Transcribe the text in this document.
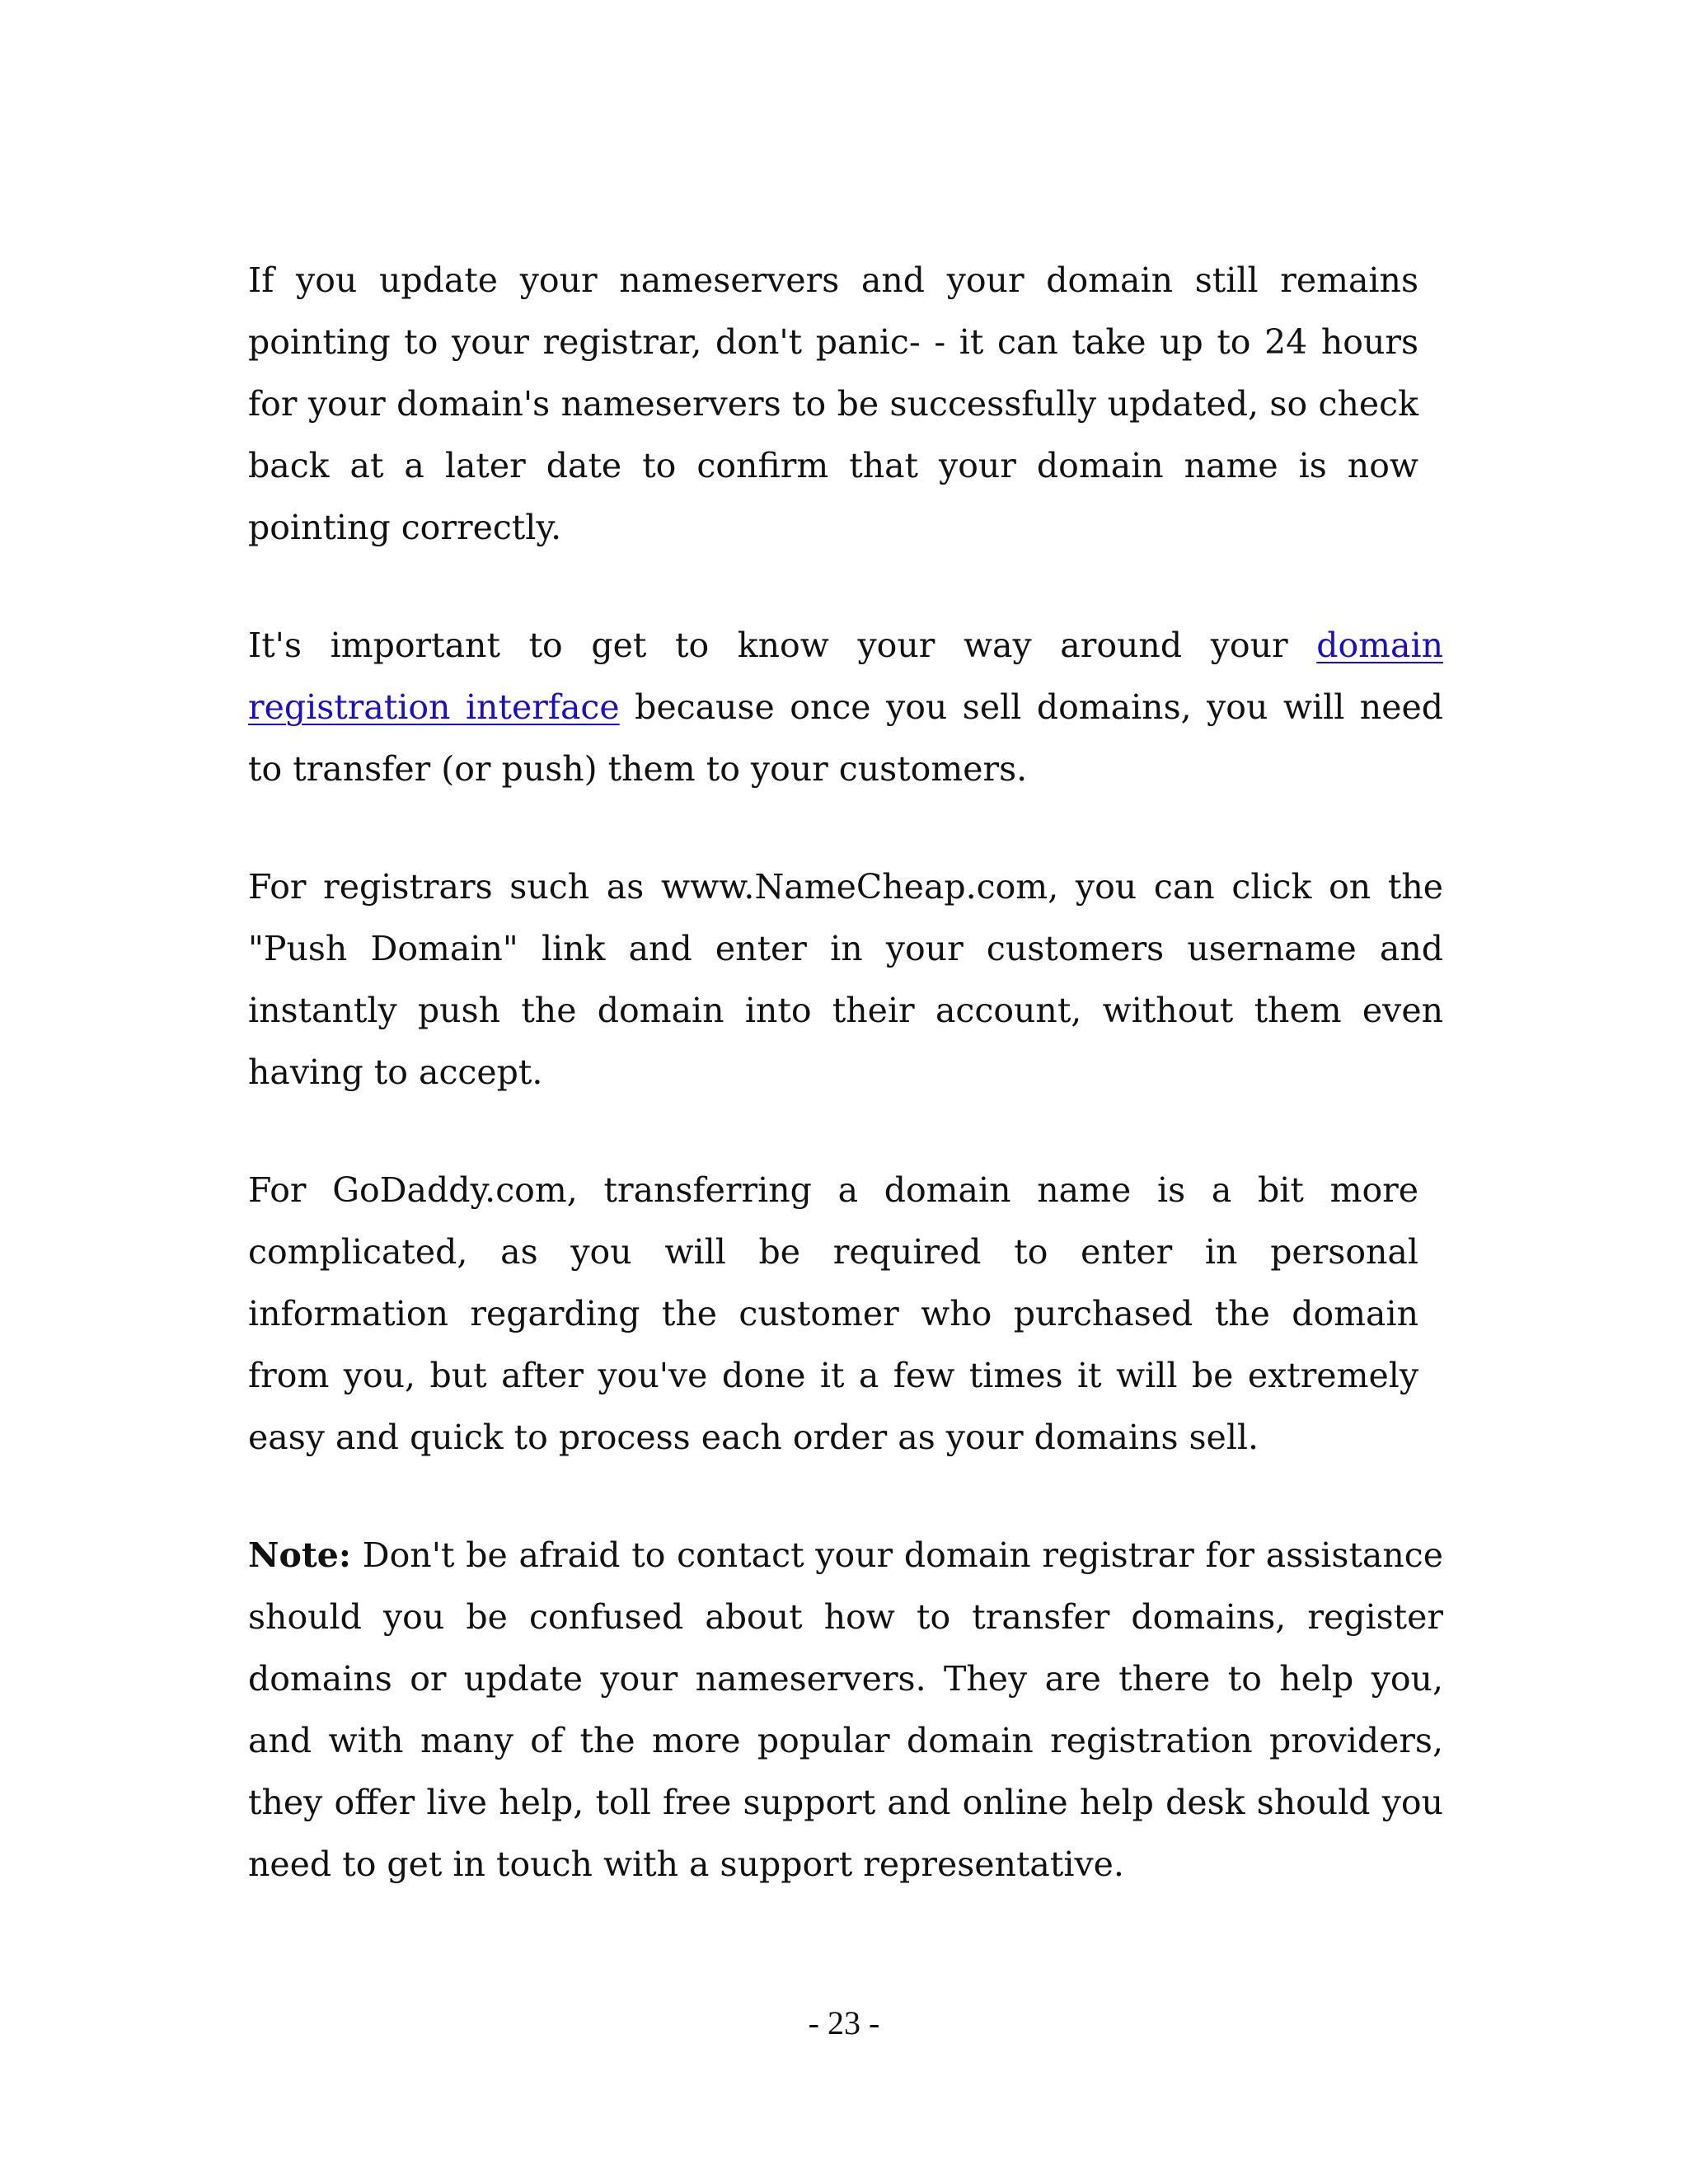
If you update your nameservers and your domain still remains pointing to your registrar, don't panic- - it can take up to 24 hours for your domain's nameservers to be successfully updated, so check back at a later date to confirm that your domain name is now pointing correctly.

It's important to get to know your way around your domain registration interface because once you sell domains, you will need to transfer (or push) them to your customers.

For registrars such as www.NameCheap.com, you can click on the "Push Domain" link and enter in your customers username and instantly push the domain into their account, without them even having to accept.

For GoDaddy.com, transferring a domain name is a bit more complicated, as you will be required to enter in personal information regarding the customer who purchased the domain from you, but after you've done it a few times it will be extremely easy and quick to process each order as your domains sell.

Note: Don't be afraid to contact your domain registrar for assistance should you be confused about how to transfer domains, register domains or update your nameservers. They are there to help you, and with many of the more popular domain registration providers, they offer live help, toll free support and online help desk should you need to get in touch with a support representative.

- 23 -
